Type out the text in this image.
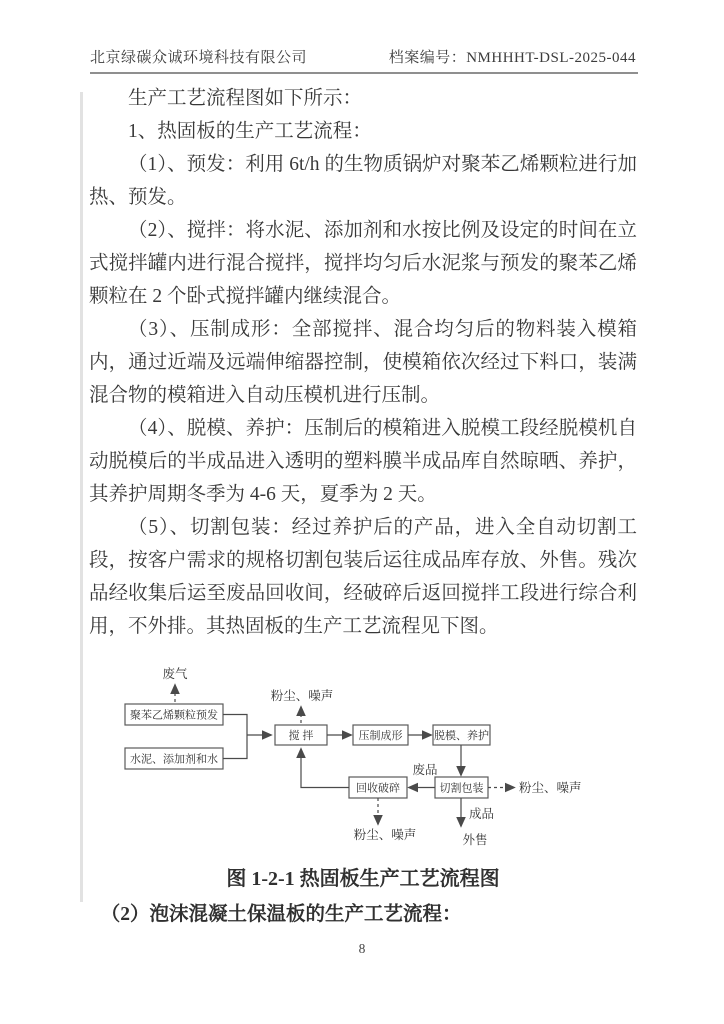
北京绿碳众诚环境科技有限公司	档案编号：NMHHHT-DSL-2025-044

生产工艺流程图如下所示：

1、热固板的生产工艺流程：

（1）、预发：利用 6t/h 的生物质锅炉对聚苯乙烯颗粒进行加热、预发。

（2）、搅拌：将水泥、添加剂和水按比例及设定的时间在立式搅拌罐内进行混合搅拌，搅拌均匀后水泥浆与预发的聚苯乙烯颗粒在 2 个卧式搅拌罐内继续混合。

（3）、压制成形：全部搅拌、混合均匀后的物料装入模箱内，通过近端及远端伸缩器控制，使模箱依次经过下料口，装满混合物的模箱进入自动压模机进行压制。

（4）、脱模、养护：压制后的模箱进入脱模工段经脱模机自动脱模后的半成品进入透明的塑料膜半成品库自然晾晒、养护，其养护周期冬季为 4-6 天，夏季为 2 天。

（5）、切割包装：经过养护后的产品，进入全自动切割工段，按客户需求的规格切割包装后运往成品库存放、外售。残次品经收集后运至废品回收间，经破碎后返回搅拌工段进行综合利用，不外排。其热固板的生产工艺流程见下图。

废气
聚苯乙烯颗粒预发
水泥、添加剂和水
搅 拌
粉尘、噪声
压制成形	脱模、养护
切割包装
废品
回收破碎
粉尘、噪声
粉尘、噪声
成品
外售
图 1-2-1 热固板生产工艺流程图
（2）泡沫混凝土保温板的生产工艺流程：
8
